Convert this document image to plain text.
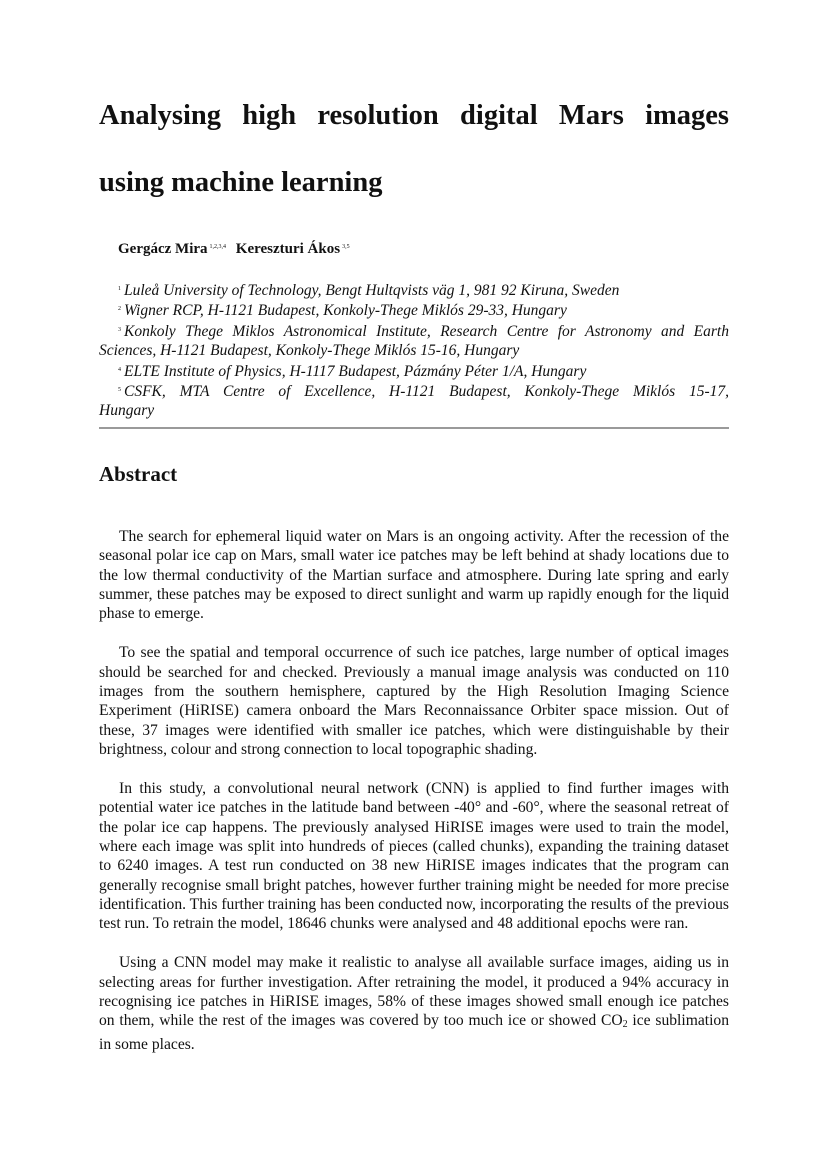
Analysing high resolution digital Mars images
using machine learning
Gergácz Mira $^{1,2,3,4}$ Kereszturi Ákos $^{3,5}$
$^1$ Luleå University of Technology, Bengt Hultqvists väg 1, 981 92 Kiruna, Sweden
$^2$ Wigner RCP, H-1121 Budapest, Konkoly-Thege Miklós 29-33, Hungary
$^3$ Konkoly Thege Miklos Astronomical Institute, Research Centre for Astronomy and Earth
Sciences, H-1121 Budapest, Konkoly-Thege Miklós 15-16, Hungary
$^4$ ELTE Institute of Physics, H-1117 Budapest, Pázmány Péter 1/A, Hungary
$^5$ CSFK, MTA Centre of Excellence, H-1121 Budapest, Konkoly-Thege Miklós 15-17,
Hungary
Abstract

The search for ephemeral liquid water on Mars is an ongoing activity. After the recession of the seasonal polar ice cap on Mars, small water ice patches may be left behind at shady locations due to the low thermal conductivity of the Martian surface and atmosphere. During late spring and early summer, these patches may be exposed to direct sunlight and warm up rapidly enough for the liquid phase to emerge.

To see the spatial and temporal occurrence of such ice patches, large number of optical images should be searched for and checked. Previously a manual image analysis was conducted on 110 images from the southern hemisphere, captured by the High Resolution Imaging Science Experiment (HiRISE) camera onboard the Mars Reconnaissance Orbiter space mission. Out of these, 37 images were identified with smaller ice patches, which were distinguishable by their brightness, colour and strong connection to local topographic shading.

In this study, a convolutional neural network (CNN) is applied to find further images with potential water ice patches in the latitude band between -40° and -60°, where the seasonal retreat of the polar ice cap happens. The previously analysed HiRISE images were used to train the model, where each image was split into hundreds of pieces (called chunks), expanding the training dataset to 6240 images. A test run conducted on 38 new HiRISE images indicates that the program can generally recognise small bright patches, however further training might be needed for more precise identification. This further training has been conducted now, incorporating the results of the previous test run. To retrain the model, 18646 chunks were analysed and 48 additional epochs were ran.

Using a CNN model may make it realistic to analyse all available surface images, aiding us in selecting areas for further investigation. After retraining the model, it produced a 94% accuracy in recognising ice patches in HiRISE images, 58% of these images showed small enough ice patches on them, while the rest of the images was covered by too much ice or showed $CO_2$ ice sublimation in some places.
